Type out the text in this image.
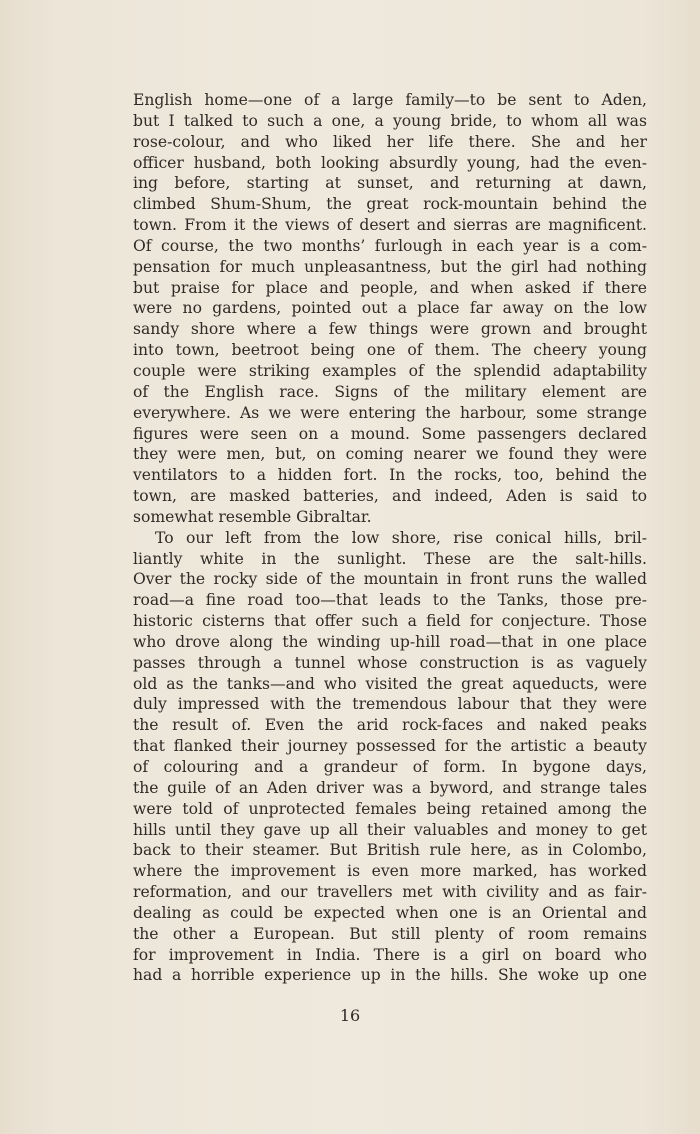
English home—one of a large family—to be sent to Aden,
but I talked to such a one, a young bride, to whom all was
rose-colour, and who liked her life there. She and her
officer husband, both looking absurdly young, had the even-
ing before, starting at sunset, and returning at dawn,
climbed Shum-Shum, the great rock-mountain behind the
town. From it the views of desert and sierras are magnificent.
Of course, the two months’ furlough in each year is a com-
pensation for much unpleasantness, but the girl had nothing
but praise for place and people, and when asked if there
were no gardens, pointed out a place far away on the low
sandy shore where a few things were grown and brought
into town, beetroot being one of them. The cheery young
couple were striking examples of the splendid adaptability
of the English race. Signs of the military element are
everywhere. As we were entering the harbour, some strange
figures were seen on a mound. Some passengers declared
they were men, but, on coming nearer we found they were
ventilators to a hidden fort. In the rocks, too, behind the
town, are masked batteries, and indeed, Aden is said to
somewhat resemble Gibraltar.
To our left from the low shore, rise conical hills, bril-
liantly white in the sunlight. These are the salt-hills.
Over the rocky side of the mountain in front runs the walled
road—a fine road too—that leads to the Tanks, those pre-
historic cisterns that offer such a field for conjecture. Those
who drove along the winding up-hill road—that in one place
passes through a tunnel whose construction is as vaguely
old as the tanks—and who visited the great aqueducts, were
duly impressed with the tremendous labour that they were
the result of. Even the arid rock-faces and naked peaks
that flanked their journey possessed for the artistic a beauty
of colouring and a grandeur of form. In bygone days,
the guile of an Aden driver was a byword, and strange tales
were told of unprotected females being retained among the
hills until they gave up all their valuables and money to get
back to their steamer. But British rule here, as in Colombo,
where the improvement is even more marked, has worked
reformation, and our travellers met with civility and as fair-
dealing as could be expected when one is an Oriental and
the other a European. But still plenty of room remains
for improvement in India. There is a girl on board who
had a horrible experience up in the hills. She woke up one
16
